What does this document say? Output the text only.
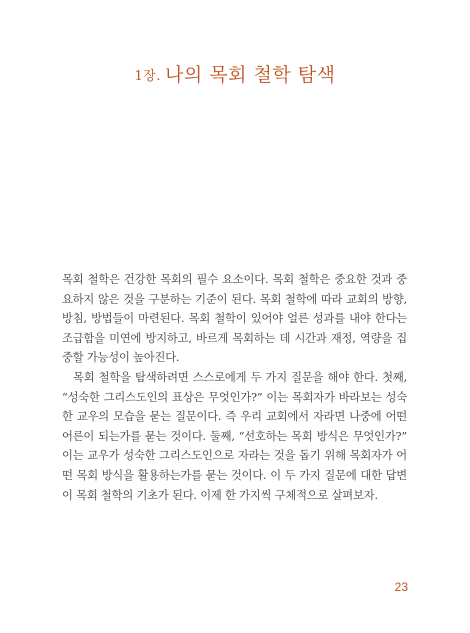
1장. 나의 목회 철학 탐색

목회 철학은 건강한 목회의 필수 요소이다. 목회 철학은 중요한 것과 중요하지 않은 것을 구분하는 기준이 된다. 목회 철학에 따라 교회의 방향, 방침, 방법들이 마련된다. 목회 철학이 있어야 얼른 성과를 내야 한다는 조급함을 미연에 방지하고, 바르게 목회하는 데 시간과 재정, 역량을 집중할 가능성이 높아진다.

목회 철학을 탐색하려면 스스로에게 두 가지 질문을 해야 한다. 첫째, “성숙한 그리스도인의 표상은 무엇인가?” 이는 목회자가 바라보는 성숙한 교우의 모습을 묻는 질문이다. 즉 우리 교회에서 자라면 나중에 어떤 어른이 되는가를 묻는 것이다. 둘째, “선호하는 목회 방식은 무엇인가?” 이는 교우가 성숙한 그리스도인으로 자라는 것을 돕기 위해 목회자가 어떤 목회 방식을 활용하는가를 묻는 것이다. 이 두 가지 질문에 대한 답변이 목회 철학의 기초가 된다. 이제 한 가지씩 구체적으로 살펴보자.

23
